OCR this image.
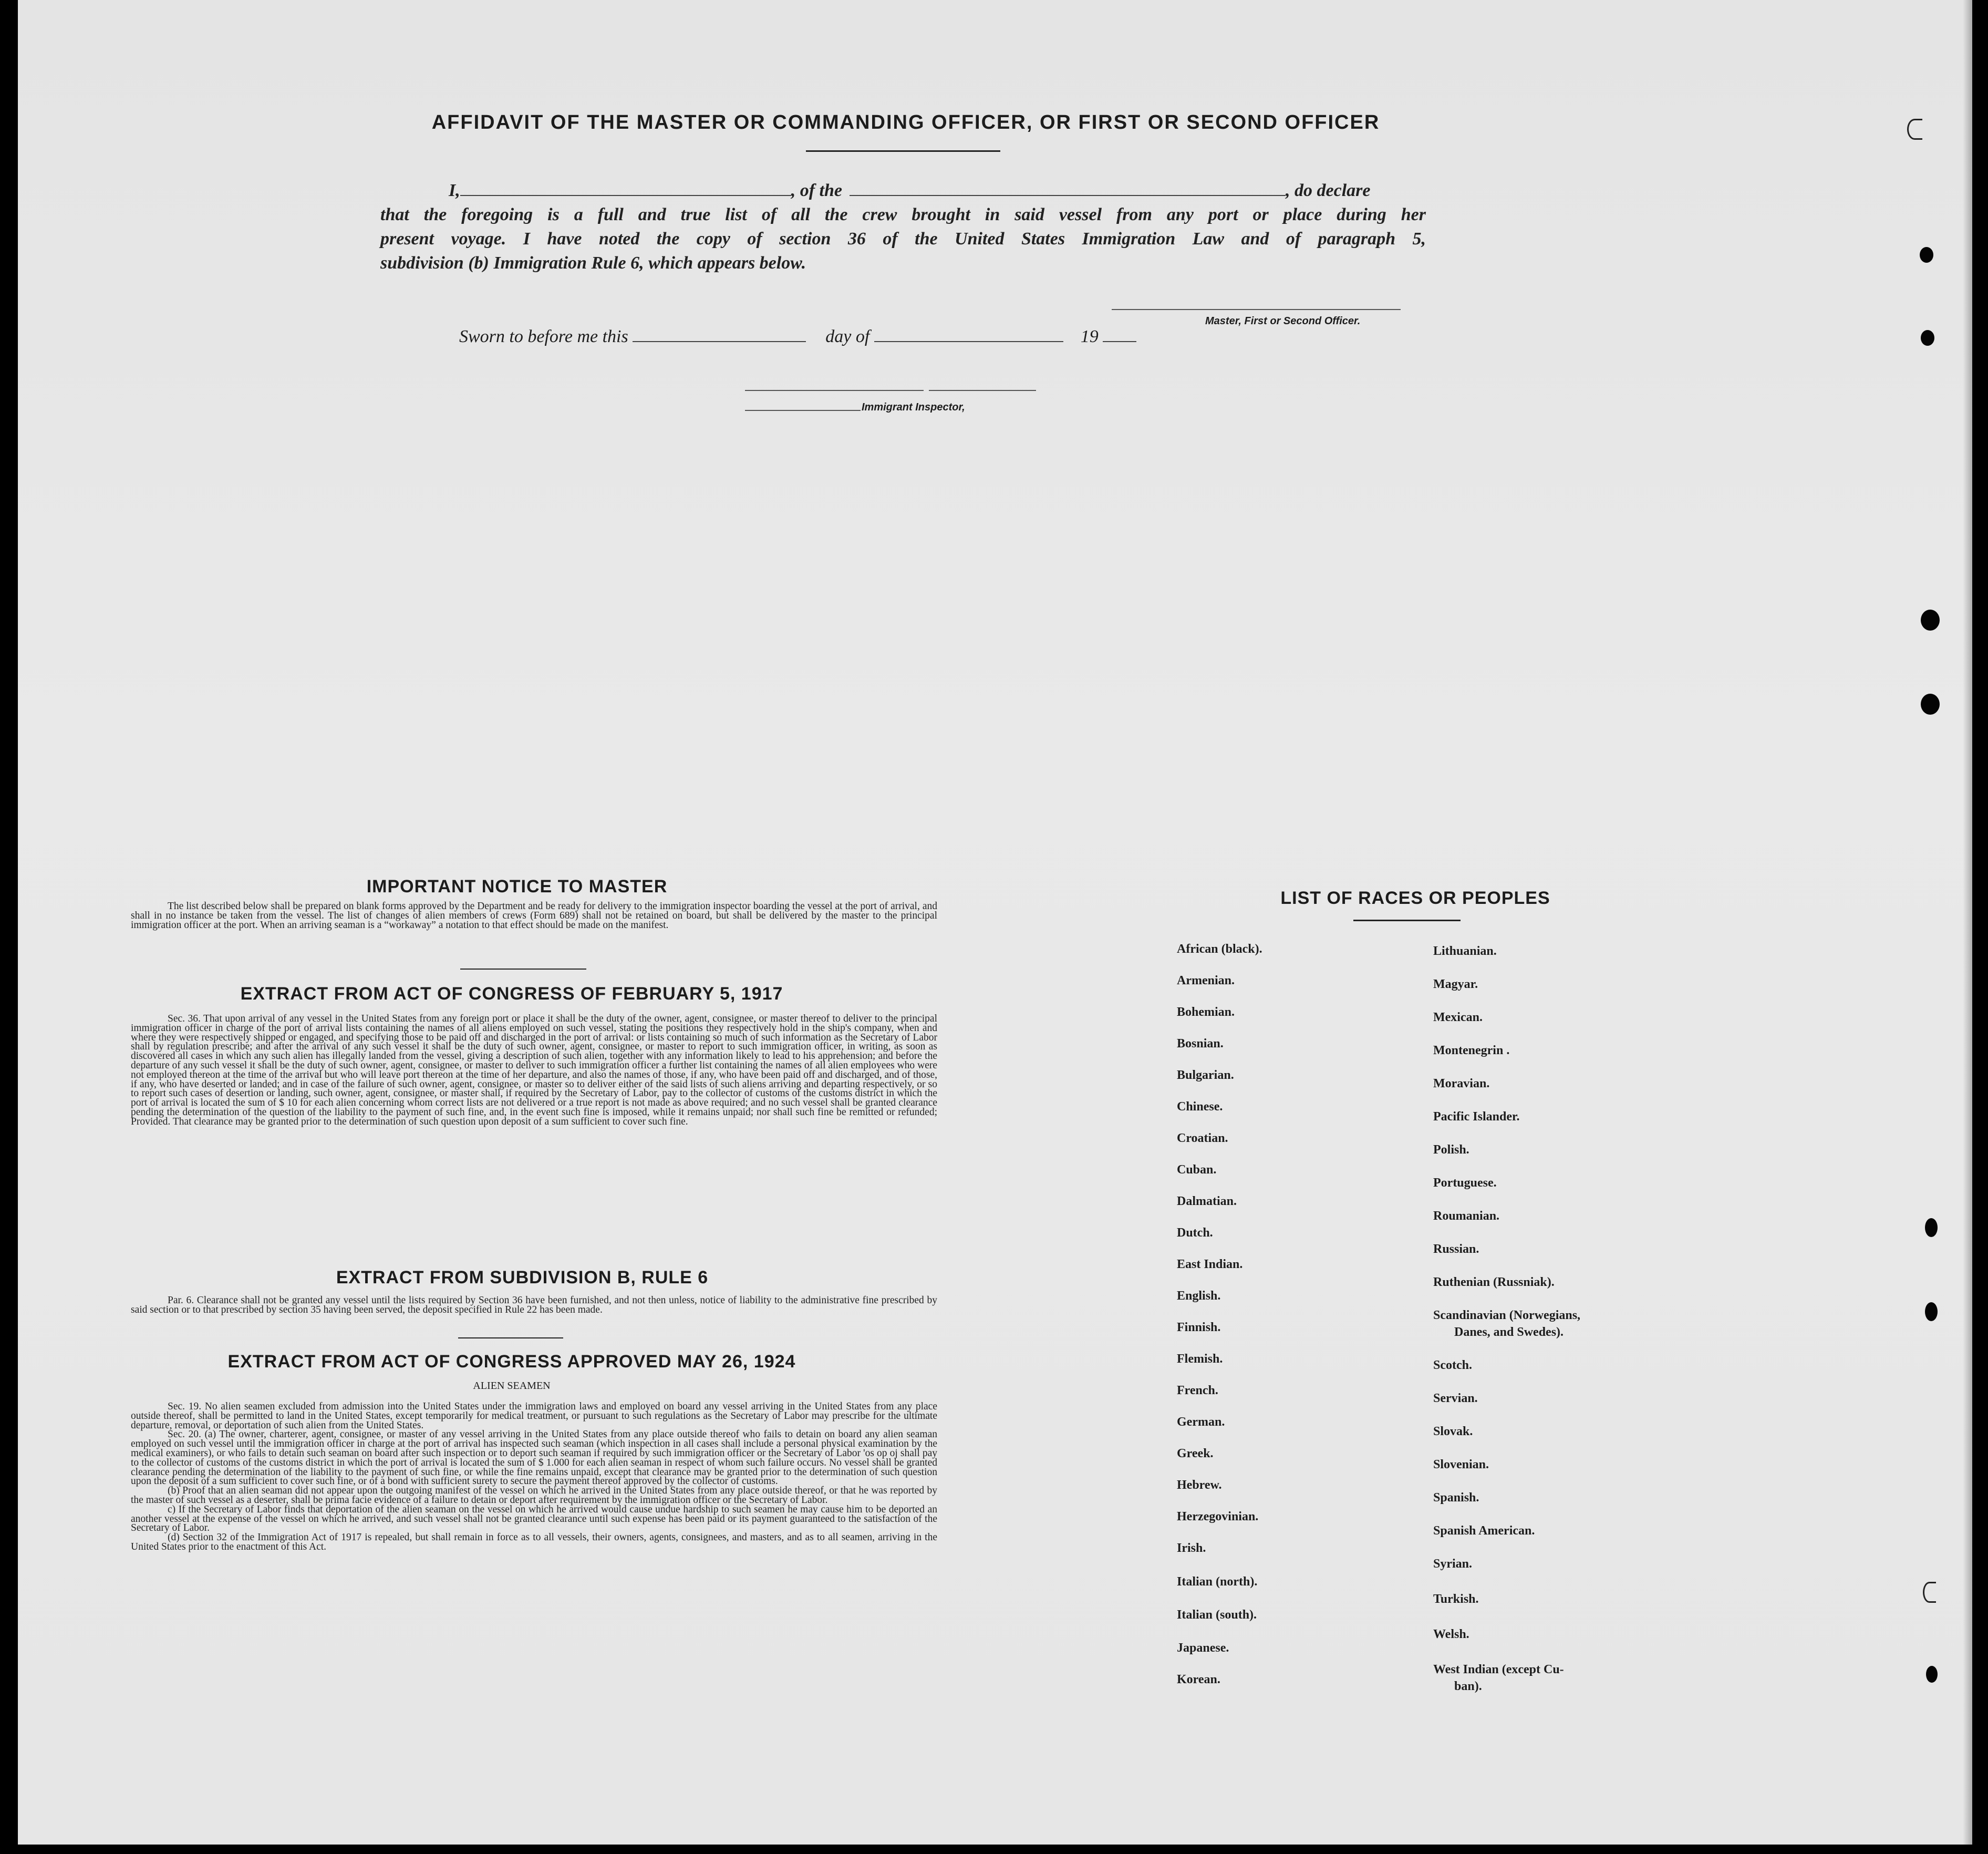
AFFIDAVIT OF THE MASTER OR COMMANDING OFFICER, OR FIRST OR SECOND OFFICER
I,	, of the	, do declare
that the foregoing is a full and true list of all the crew brought in said vessel from any port or place during her
present voyage. I have noted the copy of section 36 of the United States Immigration Law and of paragraph 5,
subdivision (b) Immigration Rule 6, which appears below.
Master, First or Second Officer.
Sworn to before me this	day of	19
Immigrant Inspector,
IMPORTANT NOTICE TO MASTER

The list described below shall be prepared on blank forms approved by the Department and be ready for delivery to the immigration inspector boarding the vessel at the port of arrival, and shall in no instance be taken from the vessel. The list of changes of alien members of crews (Form 689) shall not be retained on board, but shall be delivered by the master to the principal immigration officer at the port. When an arriving seaman is a “workaway” a notation to that effect should be made on the manifest.

EXTRACT FROM ACT OF CONGRESS OF FEBRUARY 5, 1917

Sec. 36. That upon arrival of any vessel in the United States from any foreign port or place it shall be the duty of the owner, agent, consignee, or master thereof to deliver to the principal immigration officer in charge of the port of arrival lists containing the names of all aliens employed on such vessel, stating the positions they respectively hold in the ship's company, when and where they were respectively shipped or engaged, and specifying those to be paid off and discharged in the port of arrival: or lists containing so much of such information as the Secretary of Labor shall by regulation prescribe; and after the arrival of any such vessel it shall be the duty of such owner, agent, consignee, or master to report to such immigration officer, in writing, as soon as discovered all cases in which any such alien has illegally landed from the vessel, giving a description of such alien, together with any information likely to lead to his apprehension; and before the departure of any such vessel it shall be the duty of such owner, agent, consignee, or master to deliver to such immigration officer a further list containing the names of all alien employees who were not employed thereon at the time of the arrival but who will leave port thereon at the time of her departure, and also the names of those, if any, who have been paid off and discharged, and of those, if any, who have deserted or landed; and in case of the failure of such owner, agent, consignee, or master so to deliver either of the said lists of such aliens arriving and departing respectively, or so to report such cases of desertion or landing, such owner, agent, consignee, or master shall, if required by the Secretary of Labor, pay to the collector of customs of the customs district in which the port of arrival is located the sum of $ 10 for each alien concerning whom correct lists are not delivered or a true report is not made as above required; and no such vessel shall be granted clearance pending the determination of the question of the liability to the payment of such fine, and, in the event such fine is imposed, while it remains unpaid; nor shall such fine be remitted or refunded; Provided. That clearance may be granted prior to the determination of such question upon deposit of a sum sufficient to cover such fine.

EXTRACT FROM SUBDIVISION B, RULE 6

Par. 6. Clearance shall not be granted any vessel until the lists required by Section 36 have been furnished, and not then unless, notice of liability to the administrative fine prescribed by said section or to that prescribed by section 35 having been served, the deposit specified in Rule 22 has been made.

EXTRACT FROM ACT OF CONGRESS APPROVED MAY 26, 1924
ALIEN SEAMEN

Sec. 19. No alien seamen excluded from admission into the United States under the immigration laws and employed on board any vessel arriving in the United States from any place outside thereof, shall be permitted to land in the United States, except temporarily for medical treatment, or pursuant to such regulations as the Secretary of Labor may prescribe for the ultimate departure, removal, or deportation of such alien from the United States.

Sec. 20. (a) The owner, charterer, agent, consignee, or master of any vessel arriving in the United States from any place outside thereof who fails to detain on board any alien seaman employed on such vessel until the immigration officer in charge at the port of arrival has inspected such seaman (which inspection in all cases shall include a personal physical examination by the medical examiners), or who fails to detain such seaman on board after such inspection or to deport such seaman if required by such immigration officer or the Secretary of Labor 'os op oj shall pay to the collector of customs of the customs district in which the port of arrival is located the sum of $ 1.000 for each alien seaman in respect of whom such failure occurs. No vessel shall be granted clearance pending the determination of the liability to the payment of such fine, or while the fine remains unpaid, except that clearance may be granted prior to the determination of such question upon the deposit of a sum sufficient to cover such fine, or of a bond with sufficient surety to secure the payment thereof approved by the collector of customs.

(b) Proof that an alien seaman did not appear upon the outgoing manifest of the vessel on which he arrived in the United States from any place outside thereof, or that he was reported by the master of such vessel as a deserter, shall be prima facie evidence of a failure to detain or deport after requirement by the immigration officer or the Secretary of Labor.

c) If the Secretary of Labor finds that deportation of the alien seaman on the vessel on which he arrived would cause undue hardship to such seamen he may cause him to be deported an another vessel at the expense of the vessel on which he arrived, and such vessel shall not be granted clearance until such expense has been paid or its payment guaranteed to the satisfaction of the Secretary of Labor.

(d) Section 32 of the Immigration Act of 1917 is repealed, but shall remain in force as to all vessels, their owners, agents, consignees, and masters, and as to all seamen, arriving in the United States prior to the enactment of this Act.

LIST OF RACES OR PEOPLES
African (black).
Armenian.
Bohemian.
Bosnian.
Bulgarian.
Chinese.
Croatian.
Cuban.
Dalmatian.
Dutch.
East Indian.
English.
Finnish.
Flemish.
French.
German.
Greek.
Hebrew.
Herzegovinian.
Irish.
Italian (north).
Italian (south).
Japanese.
Korean.
Lithuanian.
Magyar.
Mexican.
Montenegrin .
Moravian.
Pacific Islander.
Polish.
Portuguese.
Roumanian.
Russian.
Ruthenian (Russniak).
Scandinavian (Norwegians,
Danes, and Swedes).
Scotch.
Servian.
Slovak.
Slovenian.
Spanish.
Spanish American.
Syrian.
Turkish.
Welsh.
West Indian (except Cu-
ban).
